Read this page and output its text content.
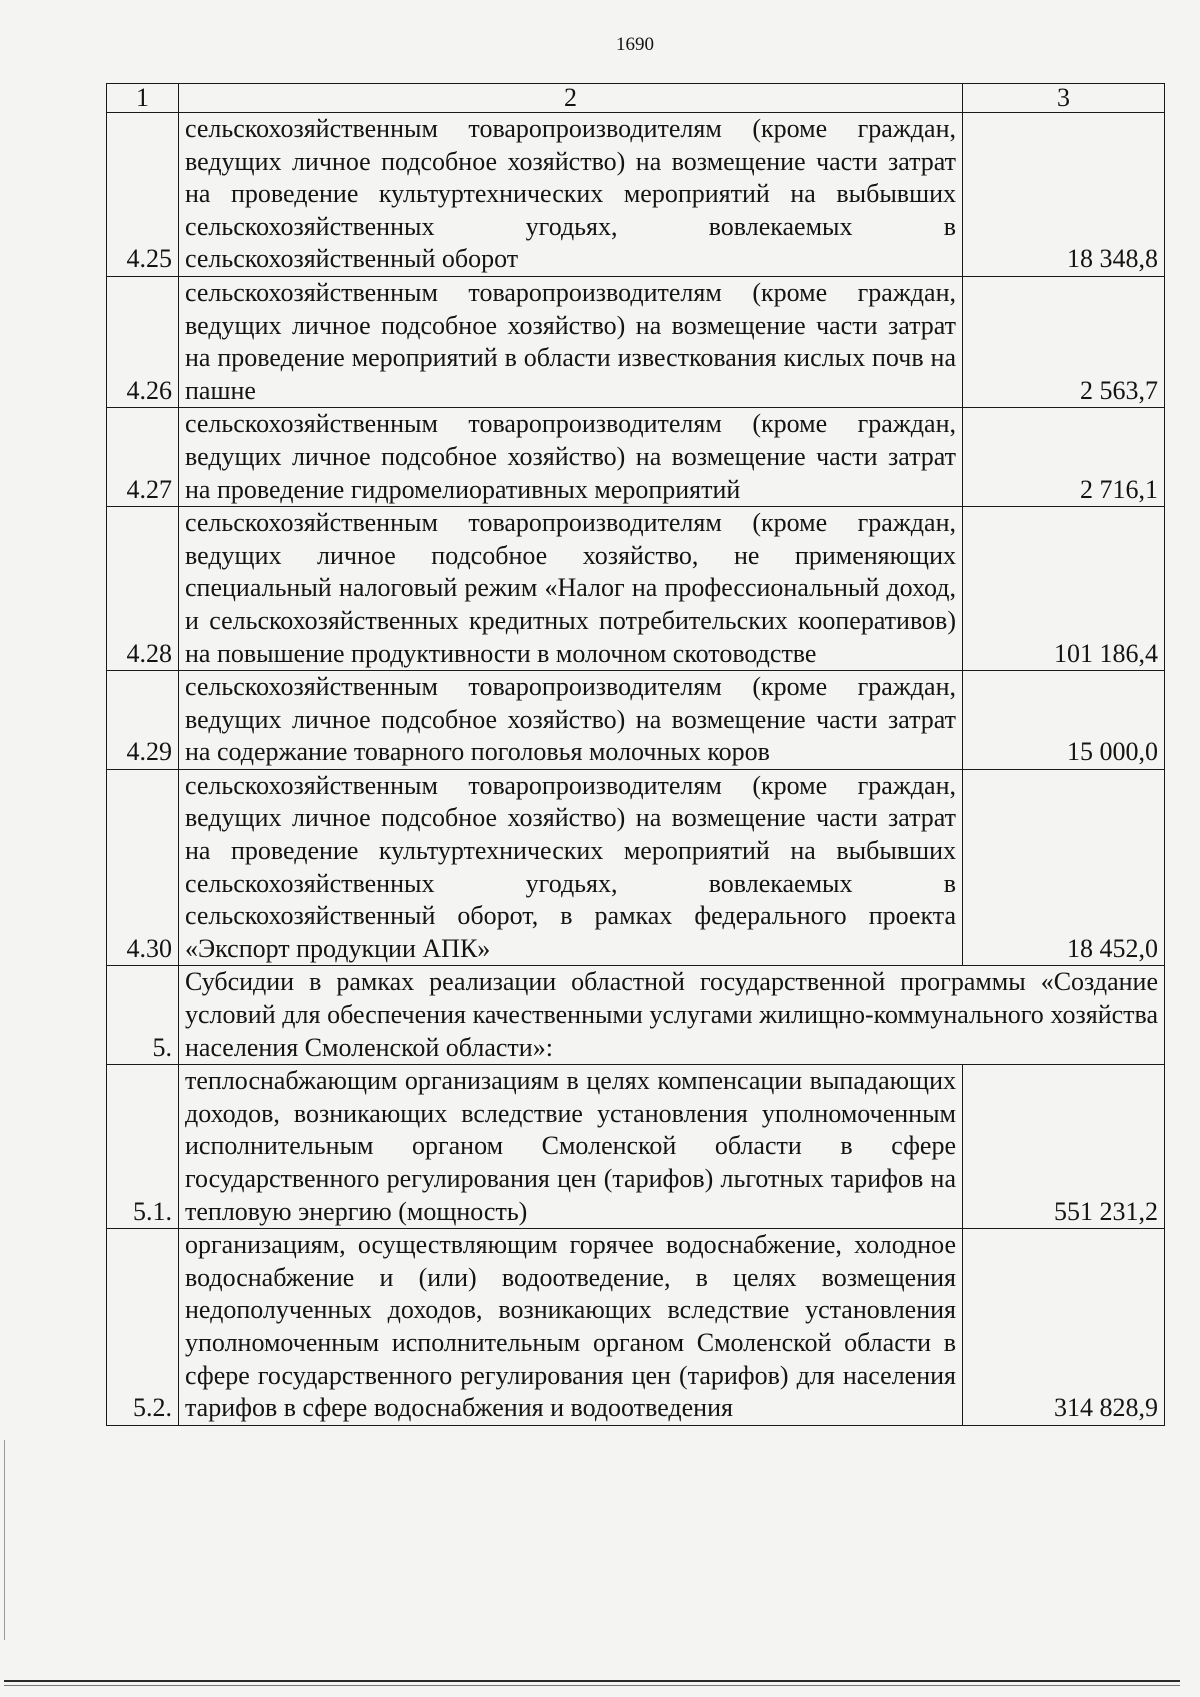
1690
1	2	3
4.25	сельскохозяйственным товаропроизводителям (кроме граждан, ведущих личное подсобное хозяйство) на возмещение части затрат на проведение культуртехнических мероприятий на выбывших сельскохозяйственных угодьях, вовлекаемых в сельскохозяйственный оборот	18 348,8
4.26	сельскохозяйственным товаропроизводителям (кроме граждан, ведущих личное подсобное хозяйство) на возмещение части затрат на проведение мероприятий в области известкования кислых почв на пашне	2 563,7
4.27	сельскохозяйственным товаропроизводителям (кроме граждан, ведущих личное подсобное хозяйство) на возмещение части затрат на проведение гидромелиоративных мероприятий	2 716,1
4.28	сельскохозяйственным товаропроизводителям (кроме граждан, ведущих личное подсобное хозяйство, не применяющих специальный налоговый режим «Налог на профессиональный доход, и сельскохозяйственных кредитных потребительских кооперативов) на повышение продуктивности в молочном скотоводстве	101 186,4
4.29	сельскохозяйственным товаропроизводителям (кроме граждан, ведущих личное подсобное хозяйство) на возмещение части затрат на содержание товарного поголовья молочных коров	15 000,0
4.30	сельскохозяйственным товаропроизводителям (кроме граждан, ведущих личное подсобное хозяйство) на возмещение части затрат на проведение культуртехнических мероприятий на выбывших сельскохозяйственных угодьях, вовлекаемых в сельскохозяйственный оборот, в рамках федерального проекта «Экспорт продукции АПК»	18 452,0
5.	Субсидии в рамках реализации областной государственной программы «Создание условий для обеспечения качественными услугами жилищно-коммунального хозяйства населения Смоленской области»:	
5.1.	теплоснабжающим организациям в целях компенсации выпадающих доходов, возникающих вследствие установления уполномоченным исполнительным органом Смоленской области в сфере государственного регулирования цен (тарифов) льготных тарифов на тепловую энергию (мощность)	551 231,2
5.2.	организациям, осуществляющим горячее водоснабжение, холодное водоснабжение и (или) водоотведение, в целях возмещения недополученных доходов, возникающих вследствие установления уполномоченным исполнительным органом Смоленской области в сфере государственного регулирования цен (тарифов) для населения тарифов в сфере водоснабжения и водоотведения	314 828,9
